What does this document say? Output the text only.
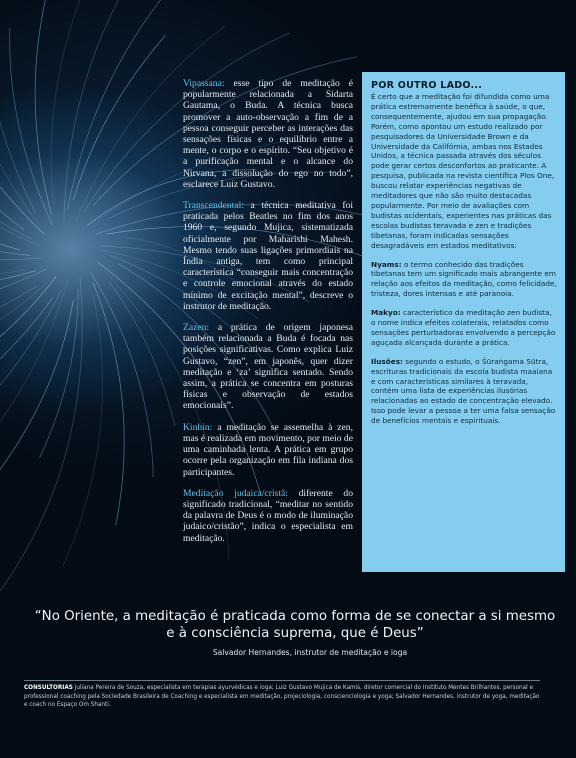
Vipassana: esse tipo de meditação é popularmente relacionada a Sidarta Gautama, o Buda. A técnica busca promover a auto-observação a fim de a pessoa conseguir perceber as interações das sensações físicas e o equilíbrio entre a mente, o corpo e o espírito. “Seu objetivo é a purificação mental e o alcance do Nirvana, a dissolução do ego no todo”, esclarece Luiz Gustavo.

Transcendental: a técnica meditativa foi praticada pelos Beatles no fim dos anos 1960 e, segundo Mujica, sistematizada oficialmente por Maharishi Mahesh. Mesmo tendo suas ligações primordiais na Índia antiga, tem como principal característica “conseguir mais concentração e controle emocional através do estado mínimo de excitação mental”, descreve o instrutor de meditação.

Zazen: a prática de origem japonesa também relacionada a Buda é focada nas posições significativas. Como explica Luiz Gustavo, “zen”, em japonês, quer dizer meditação e ‘za’ significa sentado. Sendo assim, a prática se concentra em posturas físicas e observação de estados emocionais”.

Kinhin: a meditação se assemelha à zen, mas é realizada em movimento, por meio de uma caminhada lenta. A prática em grupo ocorre pela organização em fila indiana dos participantes.

Meditação judaica/cristã: diferente do significado tradicional, “meditar no sentido da palavra de Deus é o modo de iluminação judaico/cristão”, indica o especialista em meditação.

POR OUTRO LADO...

É certo que a meditação foi difundida como uma prática extremamente benéfica à saúde, o que, consequentemente, ajudou em sua propagação. Porém, como apontou um estudo realizado por pesquisadores da Universidade Brown e da Universidade da Califórnia, ambas nos Estados Unidos, a técnica passada através dos séculos pode gerar certos desconfortos ao praticante. A pesquisa, publicada na revista científica Plos One, buscou relatar experiências negativas de meditadores que não são muito destacadas popularmente. Por meio de avaliações com budistas ocidentais, experientes nas práticas das escolas budistas teravada e zen e tradições tibetanas, foram indicadas sensações desagradáveis em estados meditativos:

Nyams: o termo conhecido das tradições tibetanas tem um significado mais abrangente em relação aos efeitos da meditação, como felicidade, tristeza, dores intensas e até paranoia.

Makyo: característico da meditação zen budista, o nome indica efeitos colaterais, relatados como sensações perturbadoras envolvendo a percepção aguçada alcançada durante a prática.

Ilusões: segundo o estudo, o Śūraṅgama Sūtra, escrituras tradicionais da escola budista maaiana e com características similares à teravada, contém uma lista de experiências ilusórias relacionadas ao estado de concentração elevado. Isso pode levar a pessoa a ter uma falsa sensação de benefícios mentais e espirituais.

“No Oriente, a meditação é praticada como forma de se conectar a si mesmo e à consciência suprema, que é Deus”
Salvador Hernandes, instrutor de meditação e ioga
CONSULTORIAS Juliana Pereira de Souza, especialista em terapias ayurvédicas e ioga; Luiz Gustavo Mujica de Kamis, diretor comercial do Instituto Mentes Brilhantes, personal e professional coaching pela Sociedade Brasileira de Coaching e especialista em meditação, projeciologia, conscienciologia e yoga; Salvador Hernandes, instrutor de yoga, meditação e coach no Espaço Om Shanti.
